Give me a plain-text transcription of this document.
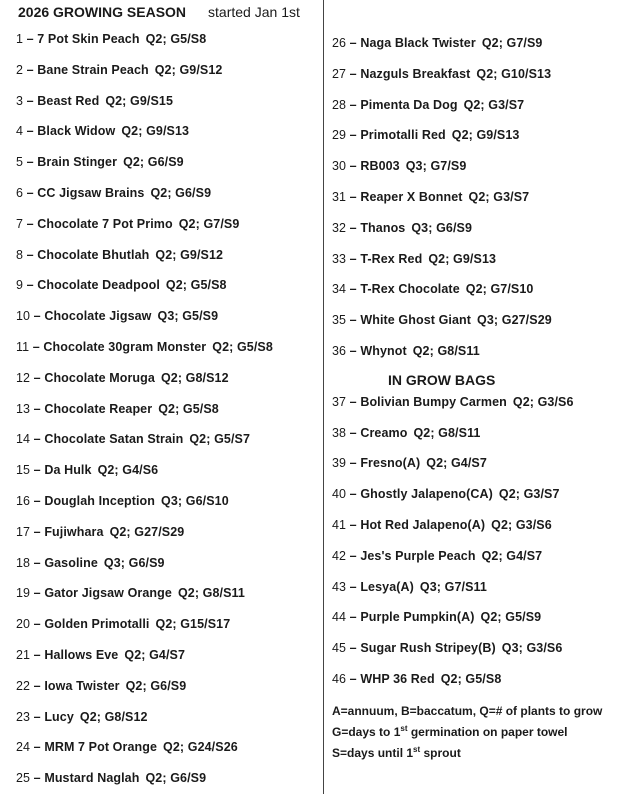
2026 GROWING SEASON started Jan 1st
1 – 7 Pot Skin Peach Q2; G5/S8
2 – Bane Strain Peach Q2; G9/S12
3 – Beast Red Q2; G9/S15
4 – Black Widow Q2; G9/S13
5 – Brain Stinger Q2; G6/S9
6 – CC Jigsaw Brains Q2; G6/S9
7 – Chocolate 7 Pot Primo Q2; G7/S9
8 – Chocolate Bhutlah Q2; G9/S12
9 – Chocolate Deadpool Q2; G5/S8
10 – Chocolate Jigsaw Q3; G5/S9
11 – Chocolate 30gram Monster Q2; G5/S8
12 – Chocolate Moruga Q2; G8/S12
13 – Chocolate Reaper Q2; G5/S8
14 – Chocolate Satan Strain Q2; G5/S7
15 – Da Hulk Q2; G4/S6
16 – Douglah Inception Q3; G6/S10
17 – Fujiwhara Q2; G27/S29
18 – Gasoline Q3; G6/S9
19 – Gator Jigsaw Orange Q2; G8/S11
20 – Golden Primotalli Q2; G15/S17
21 – Hallows Eve Q2; G4/S7
22 – Iowa Twister Q2; G6/S9
23 – Lucy Q2; G8/S12
24 – MRM 7 Pot Orange Q2; G24/S26
25 – Mustard Naglah Q2; G6/S9
26 – Naga Black Twister Q2; G7/S9
27 – Nazguls Breakfast Q2; G10/S13
28 – Pimenta Da Dog Q2; G3/S7
29 – Primotalli Red Q2; G9/S13
30 – RB003 Q3; G7/S9
31 – Reaper X Bonnet Q2; G3/S7
32 – Thanos Q3; G6/S9
33 – T-Rex Red Q2; G9/S13
34 – T-Rex Chocolate Q2; G7/S10
35 – White Ghost Giant Q3; G27/S29
36 – Whynot Q2; G8/S11
IN GROW BAGS
37 – Bolivian Bumpy Carmen Q2; G3/S6
38 – Creamo Q2; G8/S11
39 – Fresno(A) Q2; G4/S7
40 – Ghostly Jalapeno(CA) Q2; G3/S7
41 – Hot Red Jalapeno(A) Q2; G3/S6
42 – Jes's Purple Peach Q2; G4/S7
43 – Lesya(A) Q3; G7/S11
44 – Purple Pumpkin(A) Q2; G5/S9
45 – Sugar Rush Stripey(B) Q3; G3/S6
46 – WHP 36 Red Q2; G5/S8
A=annuum, B=baccatum, Q=# of plants to grow
G=days to 1st germination on paper towel
S=days until 1st sprout
